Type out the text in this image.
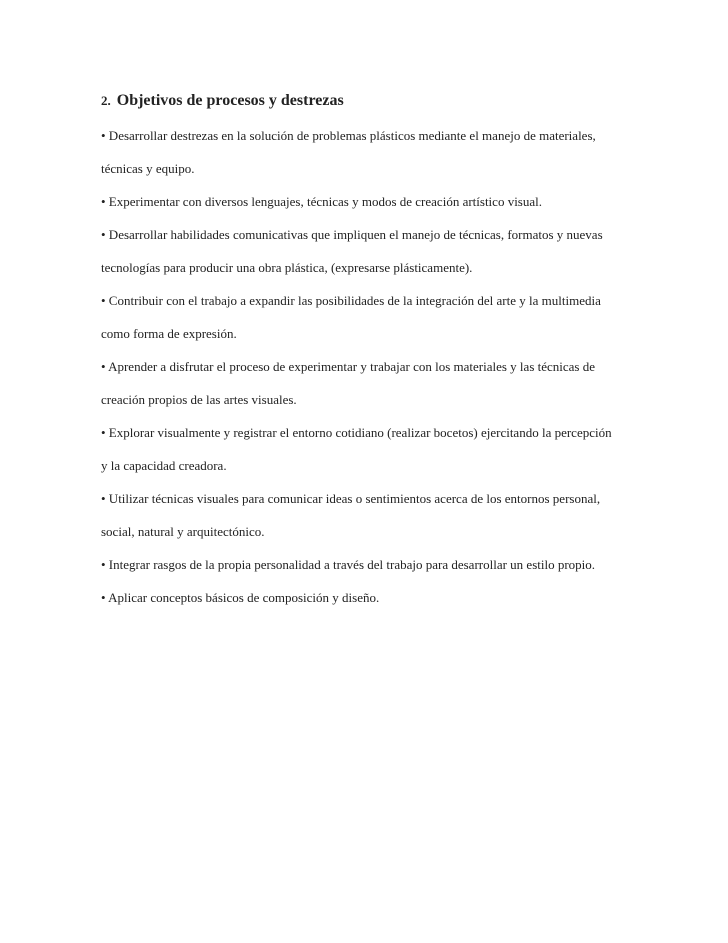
2. Objetivos de procesos y destrezas
• Desarrollar destrezas en la solución de problemas plásticos mediante el manejo de materiales, técnicas y equipo.
• Experimentar con diversos lenguajes, técnicas y modos de creación artístico visual.
• Desarrollar habilidades comunicativas que impliquen el manejo de técnicas, formatos y nuevas tecnologías para producir una obra plástica, (expresarse plásticamente).
• Contribuir con el trabajo a expandir las posibilidades de la integración del arte y la multimedia como forma de expresión.
• Aprender a disfrutar el proceso de experimentar y trabajar con los materiales y las técnicas de creación propios de las artes visuales.
• Explorar visualmente y registrar el entorno cotidiano (realizar bocetos) ejercitando la percepción y la capacidad creadora.
• Utilizar técnicas visuales para comunicar ideas o sentimientos acerca de los entornos personal, social, natural y arquitectónico.
• Integrar rasgos de la propia personalidad a través del trabajo para desarrollar un estilo propio.
• Aplicar conceptos básicos de composición y diseño.
